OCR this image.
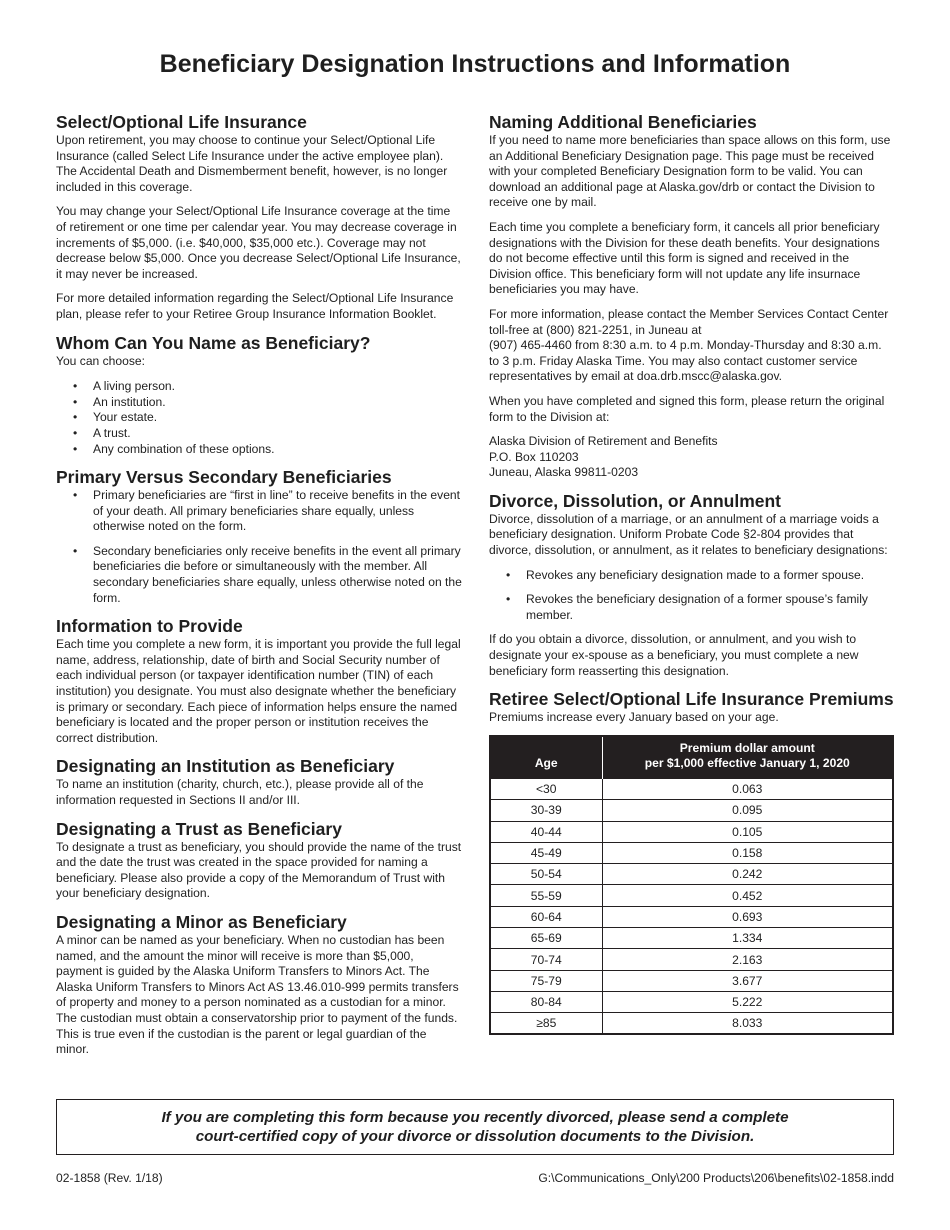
Beneficiary Designation Instructions and Information
Select/Optional Life Insurance

Upon retirement, you may choose to continue your Select/Optional Life Insurance (called Select Life Insurance under the active employee plan). The Accidental Death and Dismemberment benefit, however, is no longer included in this coverage.

You may change your Select/Optional Life Insurance coverage at the time of retirement or one time per calendar year. You may decrease coverage in increments of $5,000. (i.e. $40,000, $35,000 etc.). Coverage may not decrease below $5,000. Once you decrease Select/Optional Life Insurance, it may never be increased.

For more detailed information regarding the Select/Optional Life Insurance plan, please refer to your Retiree Group Insurance Information Booklet.

Whom Can You Name as Beneficiary?

You can choose:

• A living person.
• An institution.
• Your estate.
• A trust.
• Any combination of these options.
Primary Versus Secondary Beneficiaries
• Primary beneficiaries are “first in line” to receive benefits in the event of your death. All primary beneficiaries share equally, unless otherwise noted on the form.
• Secondary beneficiaries only receive benefits in the event all primary beneficiaries die before or simultaneously with the member. All secondary beneficiaries share equally, unless otherwise noted on the form.
Information to Provide

Each time you complete a new form, it is important you provide the full legal name, address, relationship, date of birth and Social Security number of each individual person (or taxpayer identification number (TIN) of each institution) you designate. You must also designate whether the beneficiary is primary or secondary. Each piece of information helps ensure the named beneficiary is located and the proper person or institution receives the correct distribution.

Designating an Institution as Beneficiary

To name an institution (charity, church, etc.), please provide all of the information requested in Sections II and/or III.

Designating a Trust as Beneficiary

To designate a trust as beneficiary, you should provide the name of the trust and the date the trust was created in the space provided for naming a beneficiary. Please also provide a copy of the Memorandum of Trust with your beneficiary designation.

Designating a Minor as Beneficiary

A minor can be named as your beneficiary. When no custodian has been named, and the amount the minor will receive is more than $5,000, payment is guided by the Alaska Uniform Transfers to Minors Act. The Alaska Uniform Transfers to Minors Act AS 13.46.010-999 permits transfers of property and money to a person nominated as a custodian for a minor. The custodian must obtain a conservatorship prior to payment of the funds. This is true even if the custodian is the parent or legal guardian of the minor.

Naming Additional Beneficiaries

If you need to name more beneficiaries than space allows on this form, use an Additional Beneficiary Designation page. This page must be received with your completed Beneficiary Designation form to be valid. You can download an additional page at Alaska.gov/drb or contact the Division to receive one by mail.

Each time you complete a beneficiary form, it cancels all prior beneficiary designations with the Division for these death benefits. Your designations do not become effective until this form is signed and received in the Division office. This beneficiary form will not update any life insurnace beneficiaries you may have.

For more information, please contact the Member Services Contact Center toll-free at (800) 821-2251, in Juneau at
(907) 465-4460 from 8:30 a.m. to 4 p.m. Monday-Thursday and 8:30 a.m. to 3 p.m. Friday Alaska Time. You may also contact customer service representatives by email at doa.drb.mscc@alaska.gov.

When you have completed and signed this form, please return the original form to the Division at:

Alaska Division of Retirement and Benefits
P.O. Box 110203
Juneau, Alaska 99811-0203
Divorce, Dissolution, or Annulment

Divorce, dissolution of a marriage, or an annulment of a marriage voids a beneficiary designation. Uniform Probate Code §2-804 provides that divorce, dissolution, or annulment, as it relates to beneficiary designations:

• Revokes any beneficiary designation made to a former spouse.
• Revokes the beneficiary designation of a former spouse’s family member.

If do you obtain a divorce, dissolution, or annulment, and you wish to designate your ex-spouse as a beneficiary, you must complete a new beneficiary form reasserting this designation.

Retiree Select/Optional Life Insurance Premiums

Premiums increase every January based on your age.

Age	Premium dollar amount
per $1,000 effective January 1, 2020
<30	0.063
30-39	0.095
40-44	0.105
45-49	0.158
50-54	0.242
55-59	0.452
60-64	0.693
65-69	1.334
70-74	2.163
75-79	3.677
80-84	5.222
≥85	8.033
If you are completing this form because you recently divorced, please send a complete
court-certified copy of your divorce or dissolution documents to the Division.
02-1858 (Rev. 1/18)	G:\Communications_Only\200 Products\206\benefits\02-1858.indd
